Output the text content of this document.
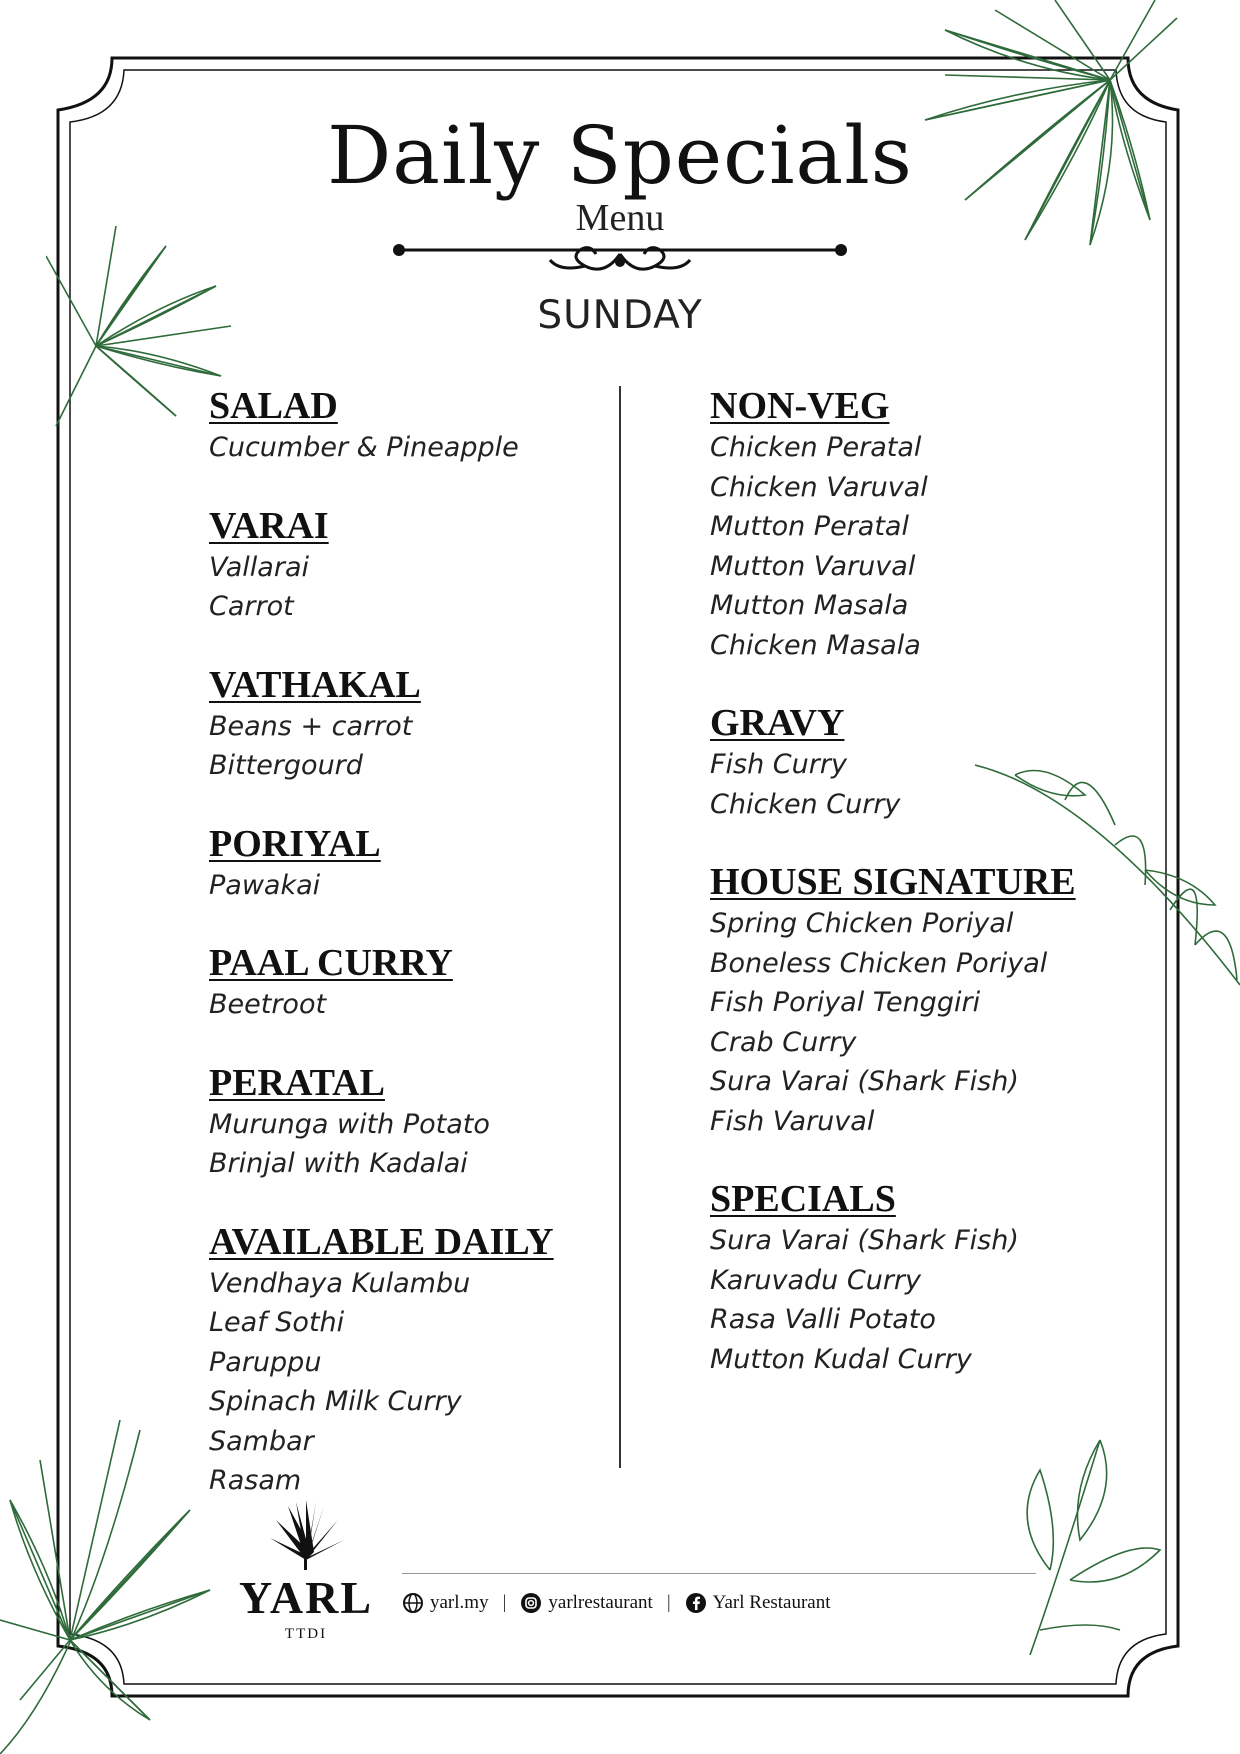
Daily Specials
Menu
SUNDAY
SALAD
Cucumber & Pineapple
VARAI
Vallarai
Carrot
VATHAKAL
Beans + carrot
Bittergourd
PORIYAL
Pawakai
PAAL CURRY
Beetroot
PERATAL
Murunga with Potato
Brinjal with Kadalai
AVAILABLE DAILY
Vendhaya Kulambu
Leaf Sothi
Paruppu
Spinach Milk Curry
Sambar
Rasam
NON-VEG
Chicken Peratal
Chicken Varuval
Mutton Peratal
Mutton Varuval
Mutton Masala
Chicken Masala
GRAVY
Fish Curry
Chicken Curry
HOUSE SIGNATURE
Spring Chicken Poriyal
Boneless Chicken Poriyal
Fish Poriyal Tenggiri
Crab Curry
Sura Varai (Shark Fish)
Fish Varuval
SPECIALS
Sura Varai (Shark Fish)
Karuvadu Curry
Rasa Valli Potato
Mutton Kudal Curry
YARL
TTDI
yarl.my | yarlrestaurant | Yarl Restaurant
